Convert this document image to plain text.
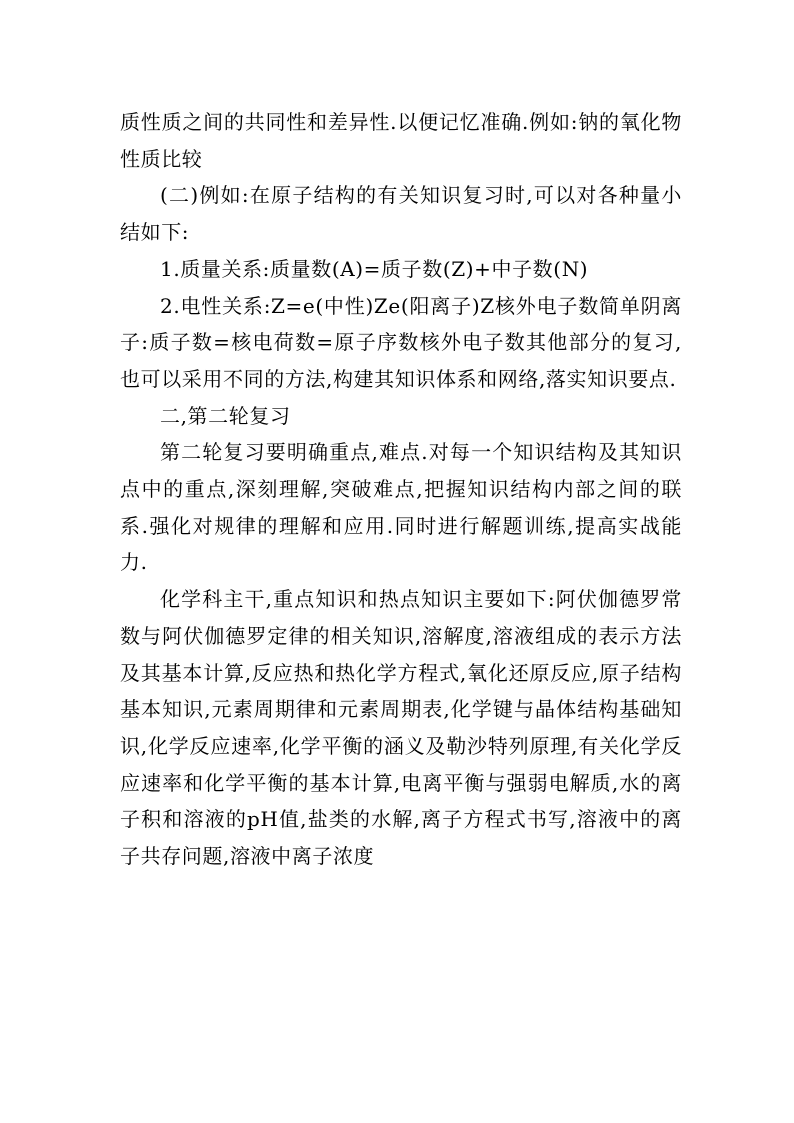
质性质之间的共同性和差异性.以便记忆准确.例如:钠的氧化物性质比较

(二)例如:在原子结构的有关知识复习时,可以对各种量小结如下:

1.质量关系:质量数(A)=质子数(Z)+中子数(N)

2.电性关系:Z=e(中性)Ze(阳离子)Z核外电子数简单阴离子:质子数=核电荷数=原子序数核外电子数其他部分的复习,也可以采用不同的方法,构建其知识体系和网络,落实知识要点.

二,第二轮复习

第二轮复习要明确重点,难点.对每一个知识结构及其知识点中的重点,深刻理解,突破难点,把握知识结构内部之间的联系.强化对规律的理解和应用.同时进行解题训练,提高实战能力.

化学科主干,重点知识和热点知识主要如下:阿伏伽德罗常数与阿伏伽德罗定律的相关知识,溶解度,溶液组成的表示方法及其基本计算,反应热和热化学方程式,氧化还原反应,原子结构基本知识,元素周期律和元素周期表,化学键与晶体结构基础知识,化学反应速率,化学平衡的涵义及勒沙特列原理,有关化学反应速率和化学平衡的基本计算,电离平衡与强弱电解质,水的离子积和溶液的pH值,盐类的水解,离子方程式书写,溶液中的离子共存问题,溶液中离子浓度
